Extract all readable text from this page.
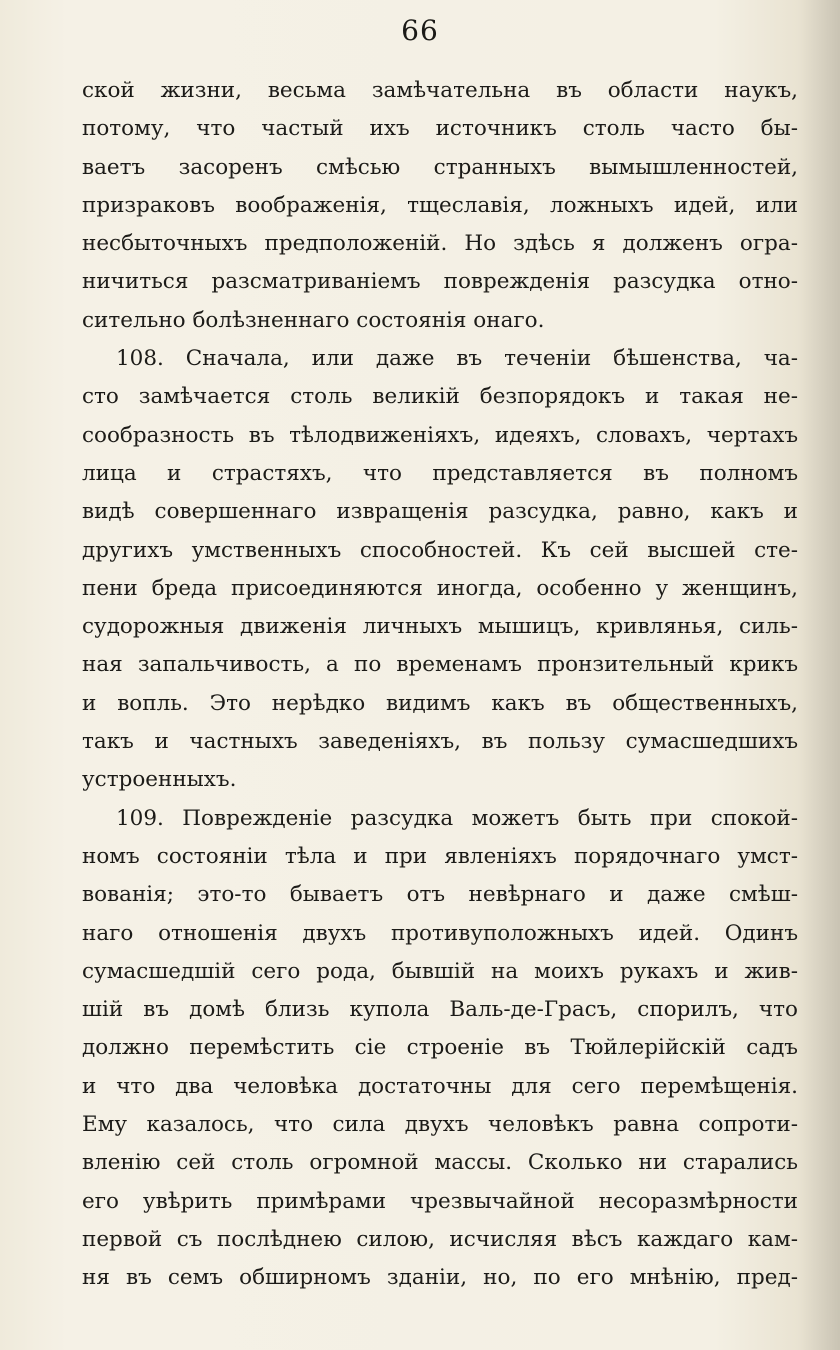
66
ской жизни, весьма замѣчательна въ области наукъ,
потому, что частый ихъ источникъ столь часто бы-
ваетъ засоренъ смѣсью странныхъ вымышленностей,
призраковъ воображенія, тщеславія, ложныхъ идей, или
несбыточныхъ предположеній. Но здѣсь я долженъ огра-
ничиться разсматриваніемъ поврежденія разсудка отно-
сительно болѣзненнаго состоянія онаго.
108. Сначала, или даже въ теченіи бѣшенства, ча-
сто замѣчается столь великій безпорядокъ и такая не-
сообразность въ тѣлодвиженіяхъ, идеяхъ, словахъ, чертахъ
лица и страстяхъ, что представляется въ полномъ
видѣ совершеннаго извращенія разсудка, равно, какъ и
другихъ умственныхъ способностей. Къ сей высшей сте-
пени бреда присоединяются иногда, особенно у женщинъ,
судорожныя движенія личныхъ мышицъ, кривлянья, силь-
ная запальчивость, а по временамъ пронзительный крикъ
и вопль. Это нерѣдко видимъ какъ въ общественныхъ,
такъ и частныхъ заведеніяхъ, въ пользу сумасшедшихъ
устроенныхъ.
109. Поврежденіе разсудка можетъ быть при спокой-
номъ состояніи тѣла и при явленіяхъ порядочнаго умст-
вованія; это-то бываетъ отъ невѣрнаго и даже смѣш-
наго отношенія двухъ противуположныхъ идей. Одинъ
сумасшедшій сего рода, бывшій на моихъ рукахъ и жив-
шій въ домѣ близь купола Валь-де-Грасъ, спорилъ, что
должно перемѣстить сіе строеніе въ Тюйлерійскій садъ
и что два человѣка достаточны для сего перемѣщенія.
Ему казалось, что сила двухъ человѣкъ равна сопроти-
вленію сей столь огромной массы. Сколько ни старались
его увѣрить примѣрами чрезвычайной несоразмѣрности
первой съ послѣднею силою, исчисляя вѣсъ каждаго кам-
ня въ семъ обширномъ зданіи, но, по его мнѣнію, пред-
